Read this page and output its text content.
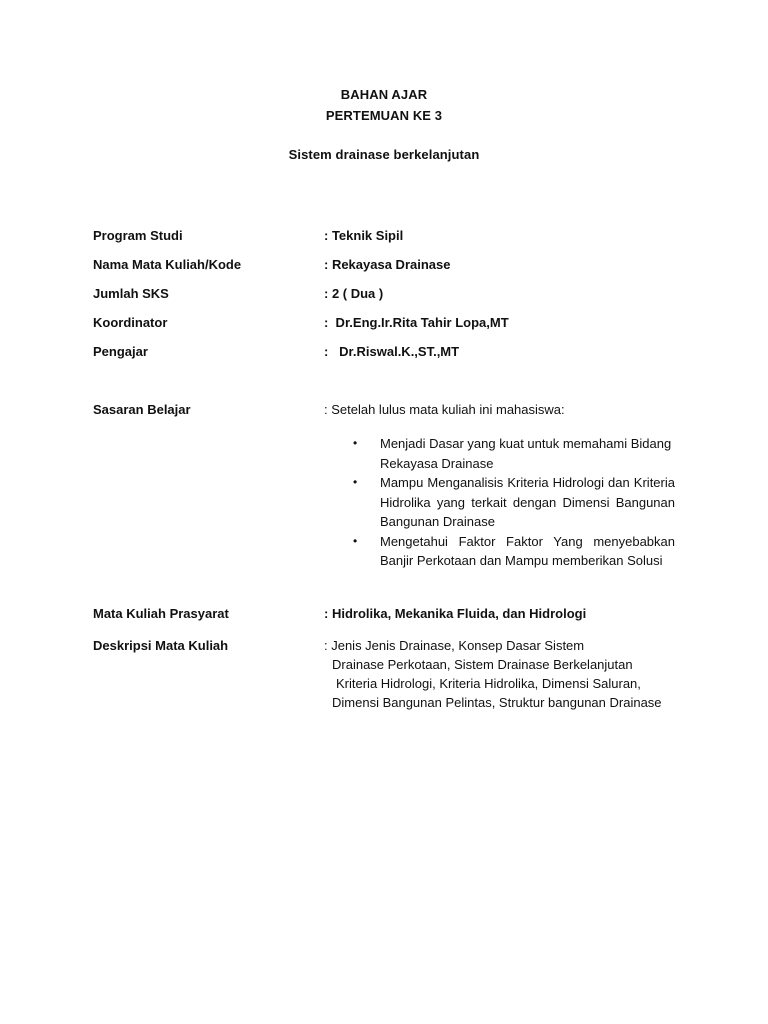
BAHAN AJAR
PERTEMUAN KE 3
Sistem drainase berkelanjutan
Program Studi	: Teknik Sipil
Nama Mata Kuliah/Kode	: Rekayasa Drainase
Jumlah SKS	: 2 ( Dua )
Koordinator	:  Dr.Eng.Ir.Rita Tahir Lopa,MT
Pengajar	:   Dr.Riswal.K.,ST.,MT
Sasaran Belajar	: Setelah lulus mata kuliah ini mahasiswa:
• Menjadi Dasar yang kuat untuk memahami Bidang Rekayasa Drainase
• Mampu Menganalisis Kriteria Hidrologi dan Kriteria Hidrolika yang terkait dengan Dimensi Bangunan Bangunan Drainase
• Mengetahui Faktor Faktor Yang menyebabkan Banjir Perkotaan dan Mampu memberikan Solusi
Mata Kuliah Prasyarat	: Hidrolika, Mekanika Fluida, dan Hidrologi
Deskripsi Mata Kuliah	: Jenis Jenis Drainase, Konsep Dasar Sistem
Drainase Perkotaan, Sistem Drainase Berkelanjutan
Kriteria Hidrologi, Kriteria Hidrolika, Dimensi Saluran,
Dimensi Bangunan Pelintas, Struktur bangunan Drainase
